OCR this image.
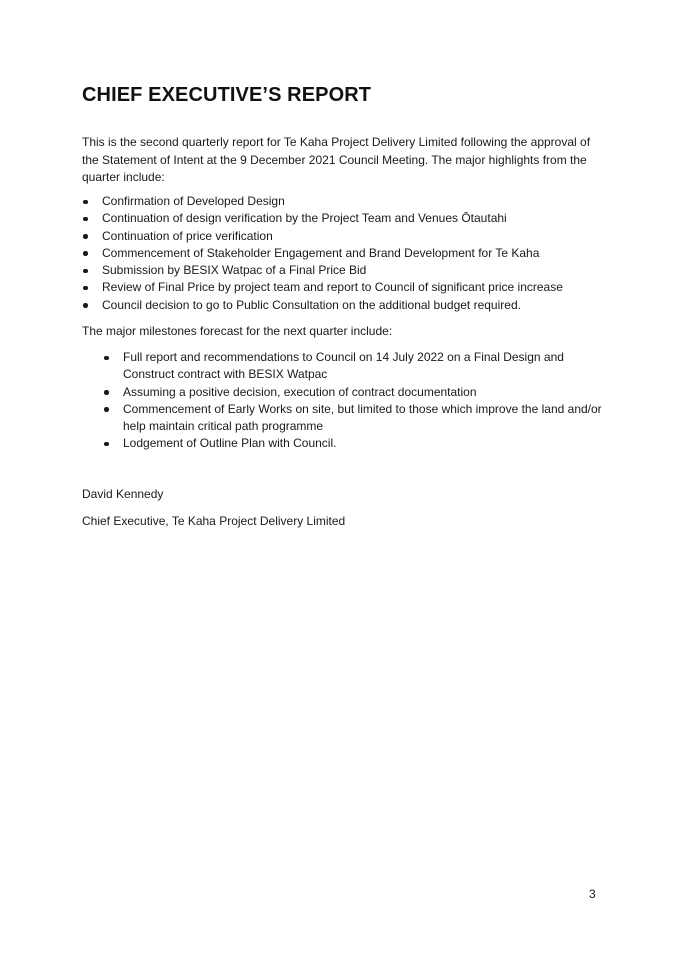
CHIEF EXECUTIVE’S REPORT

This is the second quarterly report for Te Kaha Project Delivery Limited following the approval of the Statement of Intent at the 9 December 2021 Council Meeting. The major highlights from the quarter include:

Confirmation of Developed Design
Continuation of design verification by the Project Team and Venues Ōtautahi
Continuation of price verification
Commencement of Stakeholder Engagement and Brand Development for Te Kaha
Submission by BESIX Watpac of a Final Price Bid
Review of Final Price by project team and report to Council of significant price increase
Council decision to go to Public Consultation on the additional budget required.

The major milestones forecast for the next quarter include:

Full report and recommendations to Council on 14 July 2022 on a Final Design and Construct contract with BESIX Watpac
Assuming a positive decision, execution of contract documentation
Commencement of Early Works on site, but limited to those which improve the land and/or help maintain critical path programme
Lodgement of Outline Plan with Council.

David Kennedy

Chief Executive, Te Kaha Project Delivery Limited

3
